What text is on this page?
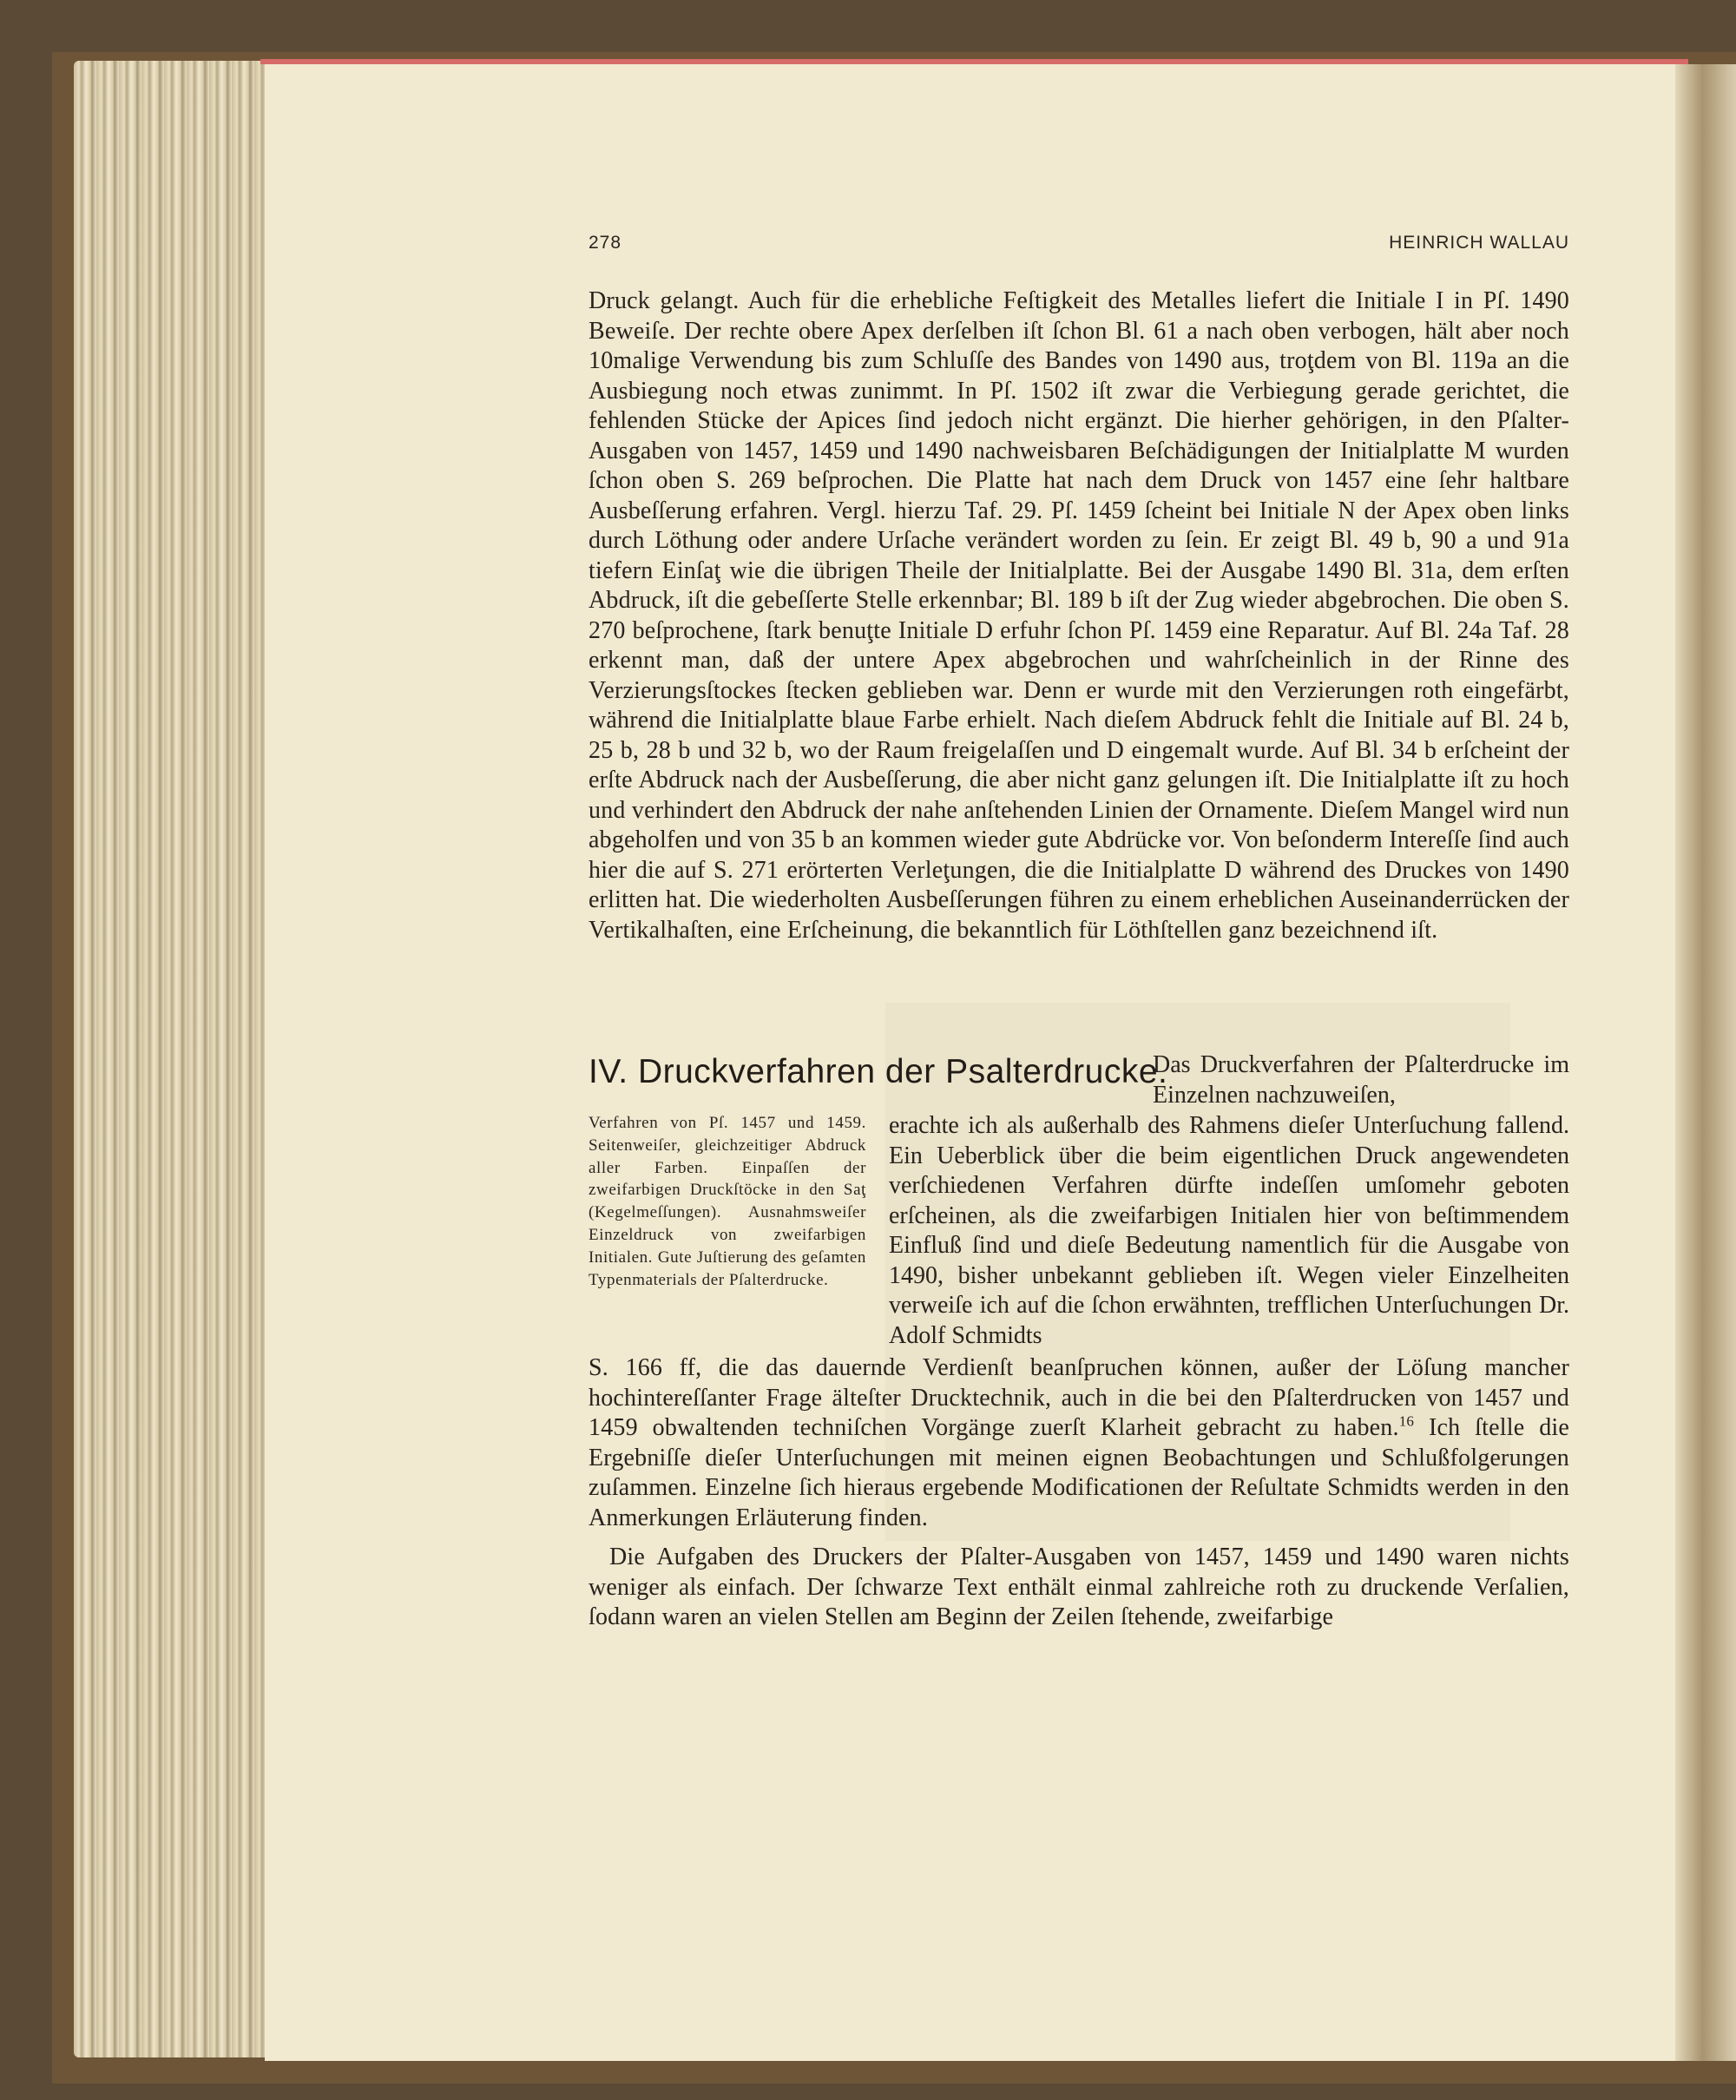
278	HEINRICH WALLAU
Druck gelangt. Auch für die erhebliche Feſtigkeit des Metalles liefert die Initiale I in Pſ. 1490 Beweiſe. Der rechte obere Apex derſelben iſt ſchon Bl. 61 a nach oben verbogen, hält aber noch 10malige Verwendung bis zum Schluſſe des Bandes von 1490 aus, troţdem von Bl. 119a an die Ausbiegung noch etwas zunimmt. In Pſ. 1502 iſt zwar die Verbiegung gerade gerichtet, die fehlenden Stücke der Apices ſind jedoch nicht ergänzt. Die hierher gehörigen, in den Pſalter-Ausgaben von 1457, 1459 und 1490 nachweisbaren Beſchädigungen der Initialplatte M wurden ſchon oben S. 269 beſprochen. Die Platte hat nach dem Druck von 1457 eine ſehr haltbare Ausbeſſerung erfahren. Vergl. hierzu Taf. 29. Pſ. 1459 ſcheint bei Initiale N der Apex oben links durch Löthung oder andere Urſache verändert worden zu ſein. Er zeigt Bl. 49 b, 90 a und 91a tiefern Einſaţ wie die übrigen Theile der Initialplatte. Bei der Ausgabe 1490 Bl. 31a, dem erſten Abdruck, iſt die gebeſſerte Stelle erkennbar; Bl. 189 b iſt der Zug wieder abgebrochen. Die oben S. 270 beſprochene, ſtark benuţte Initiale D erfuhr ſchon Pſ. 1459 eine Reparatur. Auf Bl. 24a Taf. 28 erkennt man, daß der untere Apex abgebrochen und wahrſcheinlich in der Rinne des Verzierungsſtockes ſtecken geblieben war. Denn er wurde mit den Verzierungen roth eingefärbt, während die Initialplatte blaue Farbe erhielt. Nach dieſem Abdruck fehlt die Initiale auf Bl. 24 b, 25 b, 28 b und 32 b, wo der Raum freigelaſſen und D eingemalt wurde. Auf Bl. 34 b erſcheint der erſte Abdruck nach der Ausbeſſerung, die aber nicht ganz gelungen iſt. Die Initialplatte iſt zu hoch und verhindert den Abdruck der nahe anſtehenden Linien der Ornamente. Dieſem Mangel wird nun abgeholfen und von 35 b an kommen wieder gute Abdrücke vor. Von beſonderm Intereſſe ſind auch hier die auf S. 271 erörterten Verleţungen, die die Initialplatte D während des Druckes von 1490 erlitten hat. Die wiederholten Ausbeſſerungen führen zu einem erheblichen Auseinanderrücken der Vertikalhaſten, eine Erſcheinung, die bekanntlich für Löthſtellen ganz bezeichnend iſt.
IV. Druckverfahren der Psalterdrucke.
Das Druckverfahren der Pſalterdrucke im Einzelnen nachzuweiſen,
Verfahren von Pſ. 1457 und 1459. Seitenweiſer, gleichzeitiger Abdruck aller Farben. Einpaſſen der zweifarbigen Druckſtöcke in den Saţ (Kegelmeſſungen). Ausnahmsweiſer Einzeldruck von zweifarbigen Initialen. Gute Juſtierung des geſamten Typenmaterials der Pſalterdrucke.
erachte ich als außerhalb des Rahmens dieſer Unterſuchung fallend. Ein Ueberblick über die beim eigentlichen Druck angewendeten verſchiedenen Verfahren dürfte indeſſen umſomehr geboten erſcheinen, als die zweifarbigen Initialen hier von beſtimmendem Einfluß ſind und dieſe Bedeutung namentlich für die Ausgabe von 1490, bisher unbekannt geblieben iſt. Wegen vieler Einzelheiten verweiſe ich auf die ſchon erwähnten, trefflichen Unterſuchungen Dr. Adolf Schmidts
S. 166 ff, die das dauernde Verdienſt beanſpruchen können, außer der Löſung mancher hochintereſſanter Frage älteſter Drucktechnik, auch in die bei den Pſalterdrucken von 1457 und 1459 obwaltenden techniſchen Vorgänge zuerſt Klarheit gebracht zu haben.$^{16}$ Ich ſtelle die Ergebniſſe dieſer Unterſuchungen mit meinen eignen Beobachtungen und Schlußfolgerungen zuſammen. Einzelne ſich hieraus ergebende Modificationen der Reſultate Schmidts werden in den Anmerkungen Erläuterung finden.
Die Aufgaben des Druckers der Pſalter-Ausgaben von 1457, 1459 und 1490 waren nichts weniger als einfach. Der ſchwarze Text enthält einmal zahlreiche roth zu druckende Verſalien, ſodann waren an vielen Stellen am Beginn der Zeilen ſtehende, zweifarbige
